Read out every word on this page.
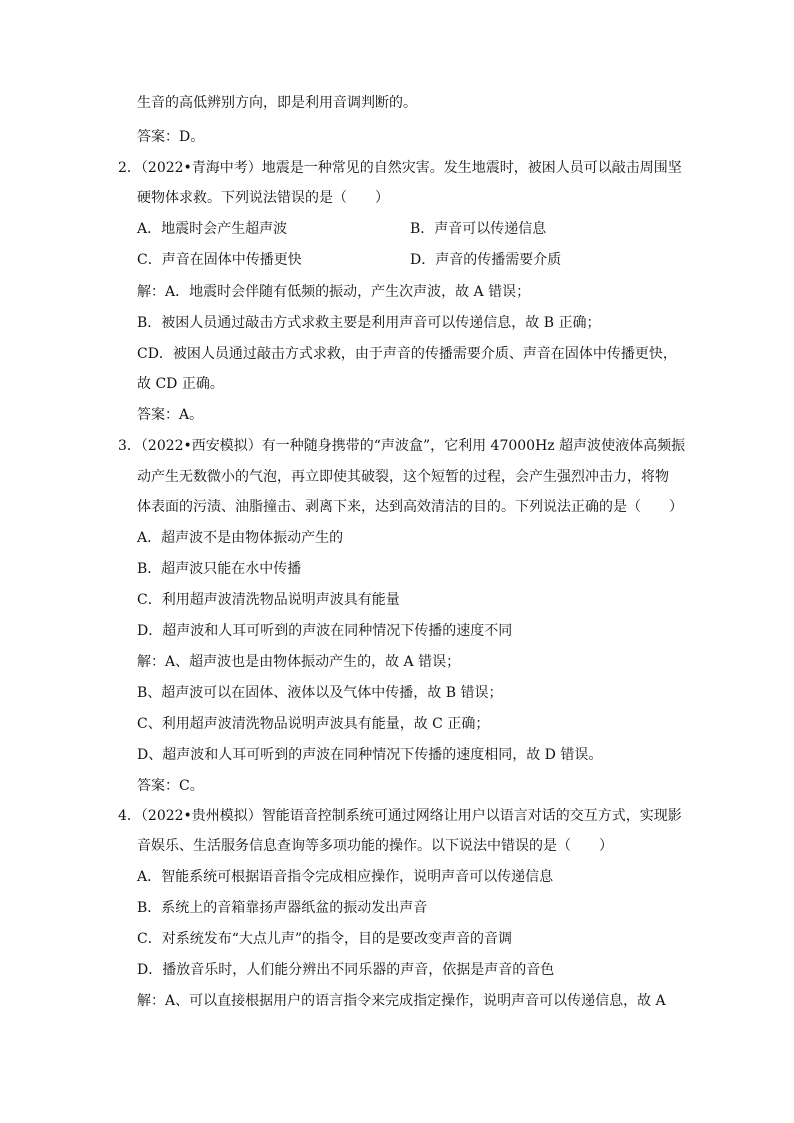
生音的高低辨别方向，即是利用音调判断的。
答案：D。
2．（2022•青海中考）地震是一种常见的自然灾害。发生地震时，被困人员可以敲击周围坚
硬物体求救。下列说法错误的是（　　）
A．地震时会产生超声波	B．声音可以传递信息
C．声音在固体中传播更快	D．声音的传播需要介质
解：A．地震时会伴随有低频的振动，产生次声波，故 A 错误；
B．被困人员通过敲击方式求救主要是利用声音可以传递信息，故 B 正确；
CD．被困人员通过敲击方式求救，由于声音的传播需要介质、声音在固体中传播更快，
故 CD 正确。
答案：A。
3．（2022•西安模拟）有一种随身携带的“声波盒”，它利用 47000Hz 超声波使液体高频振
动产生无数微小的气泡，再立即使其破裂，这个短暂的过程，会产生强烈冲击力，将物
体表面的污渍、油脂撞击、剥离下来，达到高效清洁的目的。下列说法正确的是（　　）
A．超声波不是由物体振动产生的
B．超声波只能在水中传播
C．利用超声波清洗物品说明声波具有能量
D．超声波和人耳可听到的声波在同种情况下传播的速度不同
解：A、超声波也是由物体振动产生的，故 A 错误；
B、超声波可以在固体、液体以及气体中传播，故 B 错误；
C、利用超声波清洗物品说明声波具有能量，故 C 正确；
D、超声波和人耳可听到的声波在同种情况下传播的速度相同，故 D 错误。
答案：C。
4．（2022•贵州模拟）智能语音控制系统可通过网络让用户以语言对话的交互方式，实现影
音娱乐、生活服务信息查询等多项功能的操作。以下说法中错误的是（　　）
A．智能系统可根据语音指令完成相应操作，说明声音可以传递信息
B．系统上的音箱靠扬声器纸盆的振动发出声音
C．对系统发布“大点儿声”的指令，目的是要改变声音的音调
D．播放音乐时，人们能分辨出不同乐器的声音，依据是声音的音色
解：A、可以直接根据用户的语言指令来完成指定操作，说明声音可以传递信息，故 A
